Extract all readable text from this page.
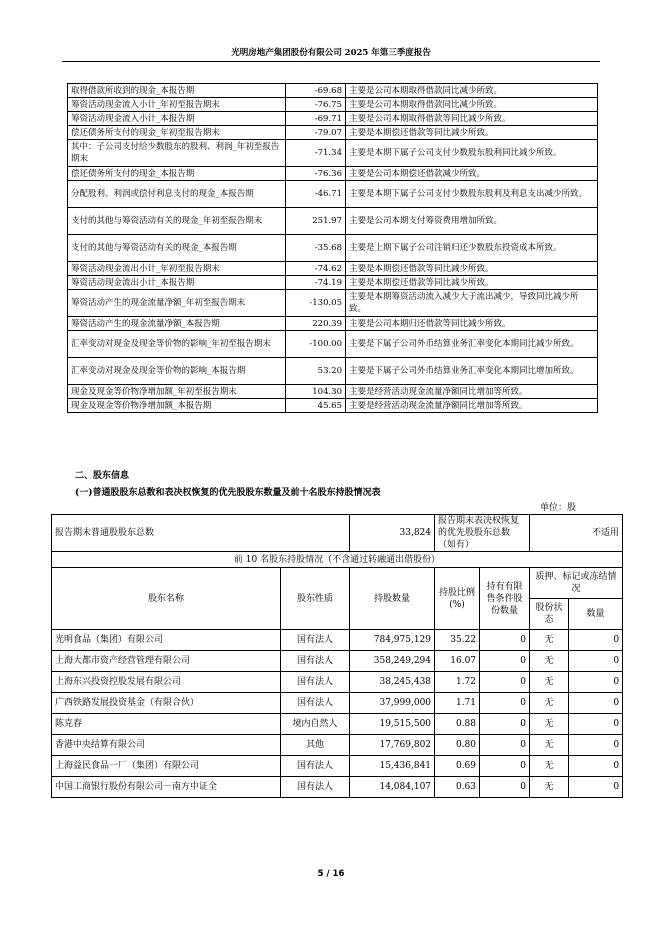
光明房地产集团股份有限公司 2025 年第三季度报告
取得借款所收到的现金_本报告期	-69.68	主要是公司本期取得借款同比减少所致。
筹资活动现金流入小计_年初至报告期末	-76.75	主要是公司本期取得借款同比减少所致。
筹资活动现金流入小计_本报告期	-69.71	主要是公司本期取得借款等同比减少所致。
偿还债务所支付的现金_年初至报告期末	-79.07	主要是本期偿还借款等同比减少所致。
其中：子公司支付给少数股东的股利、利润_年初至报告期末	-71.34	主要是本期下属子公司支付少数股东股利同比减少所致。
偿还债务所支付的现金_本报告期	-76.36	主要是公司本期偿还借款减少所致。
分配股利、利润或偿付利息支付的现金_本报告期	-46.71	主要是本期下属子公司支付少数股东股利及利息支出减少所致。
支付的其他与筹资活动有关的现金_年初至报告期末	251.97	主要是公司本期支付筹资费用增加所致。
支付的其他与筹资活动有关的现金_本报告期	-35.68	主要是上期下属子公司注销归还少数股东投资成本所致。
筹资活动现金流出小计_年初至报告期末	-74.62	主要是本期偿还借款等同比减少所致。
筹资活动现金流出小计_本报告期	-74.19	主要是本期偿还借款等同比减少所致。
筹资活动产生的现金流量净额_年初至报告期末	-130.05	主要是本期筹资活动流入减少大于流出减少，导致同比减少所致。
筹资活动产生的现金流量净额_本报告期	220.39	主要是公司本期归还借款等同比减少所致。
汇率变动对现金及现金等价物的影响_年初至报告期末	-100.00	主要是下属子公司外币结算业务汇率变化本期同比减少所致。
汇率变动对现金及现金等价物的影响_本报告期	53.20	主要是下属子公司外币结算业务汇率变化本期同比增加所致。
现金及现金等价物净增加额_年初至报告期末	104.30	主要是经营活动现金流量净额同比增加等所致。
现金及现金等价物净增加额_本报告期	45.65	主要是经营活动现金流量净额同比增加等所致。
二、股东信息
(一)普通股股东总数和表决权恢复的优先股股东数量及前十名股东持股情况表
单位：股
报告期末普通股股东总数		33,824	报告期末表决权恢复的优先股股东总数（如有）		不适用	
前 10 名股东持股情况（不含通过转融通出借股份）						
股东名称	股东性质	持股数量	持股比例(%)	持有有限售条件股份数量	质押、标记或冻结情况	
					股份状态	数量
光明食品（集团）有限公司	国有法人	784,975,129	35.22	0	无	0
上海大都市资产经营管理有限公司	国有法人	358,249,294	16.07	0	无	0
上海东兴投资控股发展有限公司	国有法人	38,245,438	1.72	0	无	0
广西铁路发展投资基金（有限合伙）	国有法人	37,999,000	1.71	0	无	0
陈克春	境内自然人	19,515,500	0.88	0	无	0
香港中央结算有限公司	其他	17,769,802	0.80	0	无	0
上海益民食品一厂（集团）有限公司	国有法人	15,436,841	0.69	0	无	0
中国工商银行股份有限公司－南方中证全	国有法人	14,084,107	0.63	0	无	0
5 / 16
